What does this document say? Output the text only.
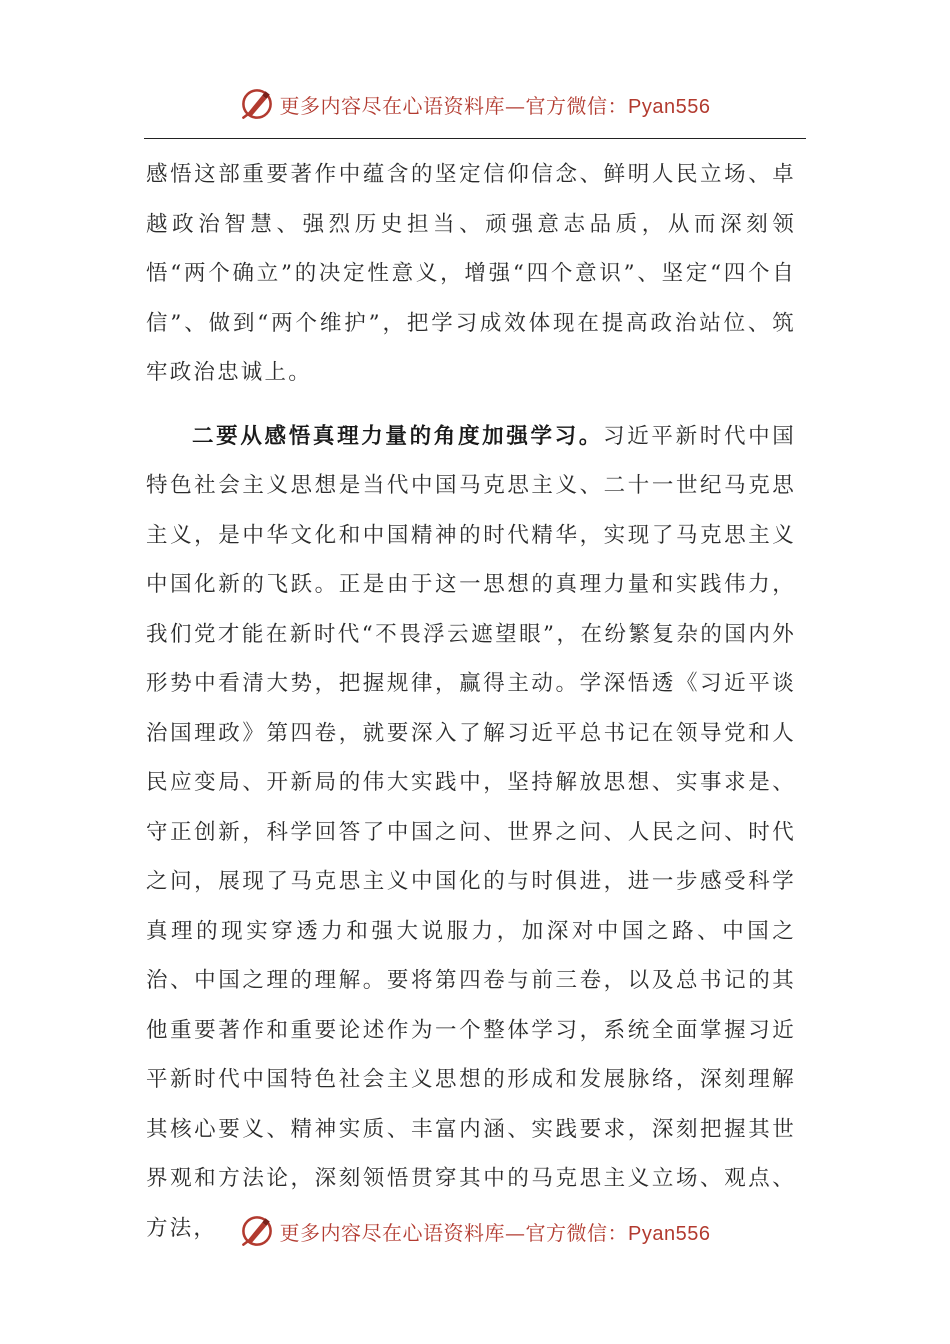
更多内容尽在心语资料库—官方微信：Pyan556

感悟这部重要著作中蕴含的坚定信仰信念、鲜明人民立场、卓越政治智慧、强烈历史担当、顽强意志品质，从而深刻领悟“两个确立”的决定性意义，增强“四个意识”、坚定“四个自信”、做到“两个维护”，把学习成效体现在提高政治站位、筑牢政治忠诚上。

二要从感悟真理力量的角度加强学习。习近平新时代中国特色社会主义思想是当代中国马克思主义、二十一世纪马克思主义，是中华文化和中国精神的时代精华，实现了马克思主义中国化新的飞跃。正是由于这一思想的真理力量和实践伟力，我们党才能在新时代“不畏浮云遮望眼”，在纷繁复杂的国内外形势中看清大势，把握规律，赢得主动。学深悟透《习近平谈治国理政》第四卷，就要深入了解习近平总书记在领导党和人民应变局、开新局的伟大实践中，坚持解放思想、实事求是、守正创新，科学回答了中国之问、世界之问、人民之问、时代之问，展现了马克思主义中国化的与时俱进，进一步感受科学真理的现实穿透力和强大说服力，加深对中国之路、中国之治、中国之理的理解。要将第四卷与前三卷，以及总书记的其他重要著作和重要论述作为一个整体学习，系统全面掌握习近平新时代中国特色社会主义思想的形成和发展脉络，深刻理解其核心要义、精神实质、丰富内涵、实践要求，深刻把握其世界观和方法论，深刻领悟贯穿其中的马克思主义立场、观点、方法，	更多内容尽在心语资料库—官方微信：Pyan556
